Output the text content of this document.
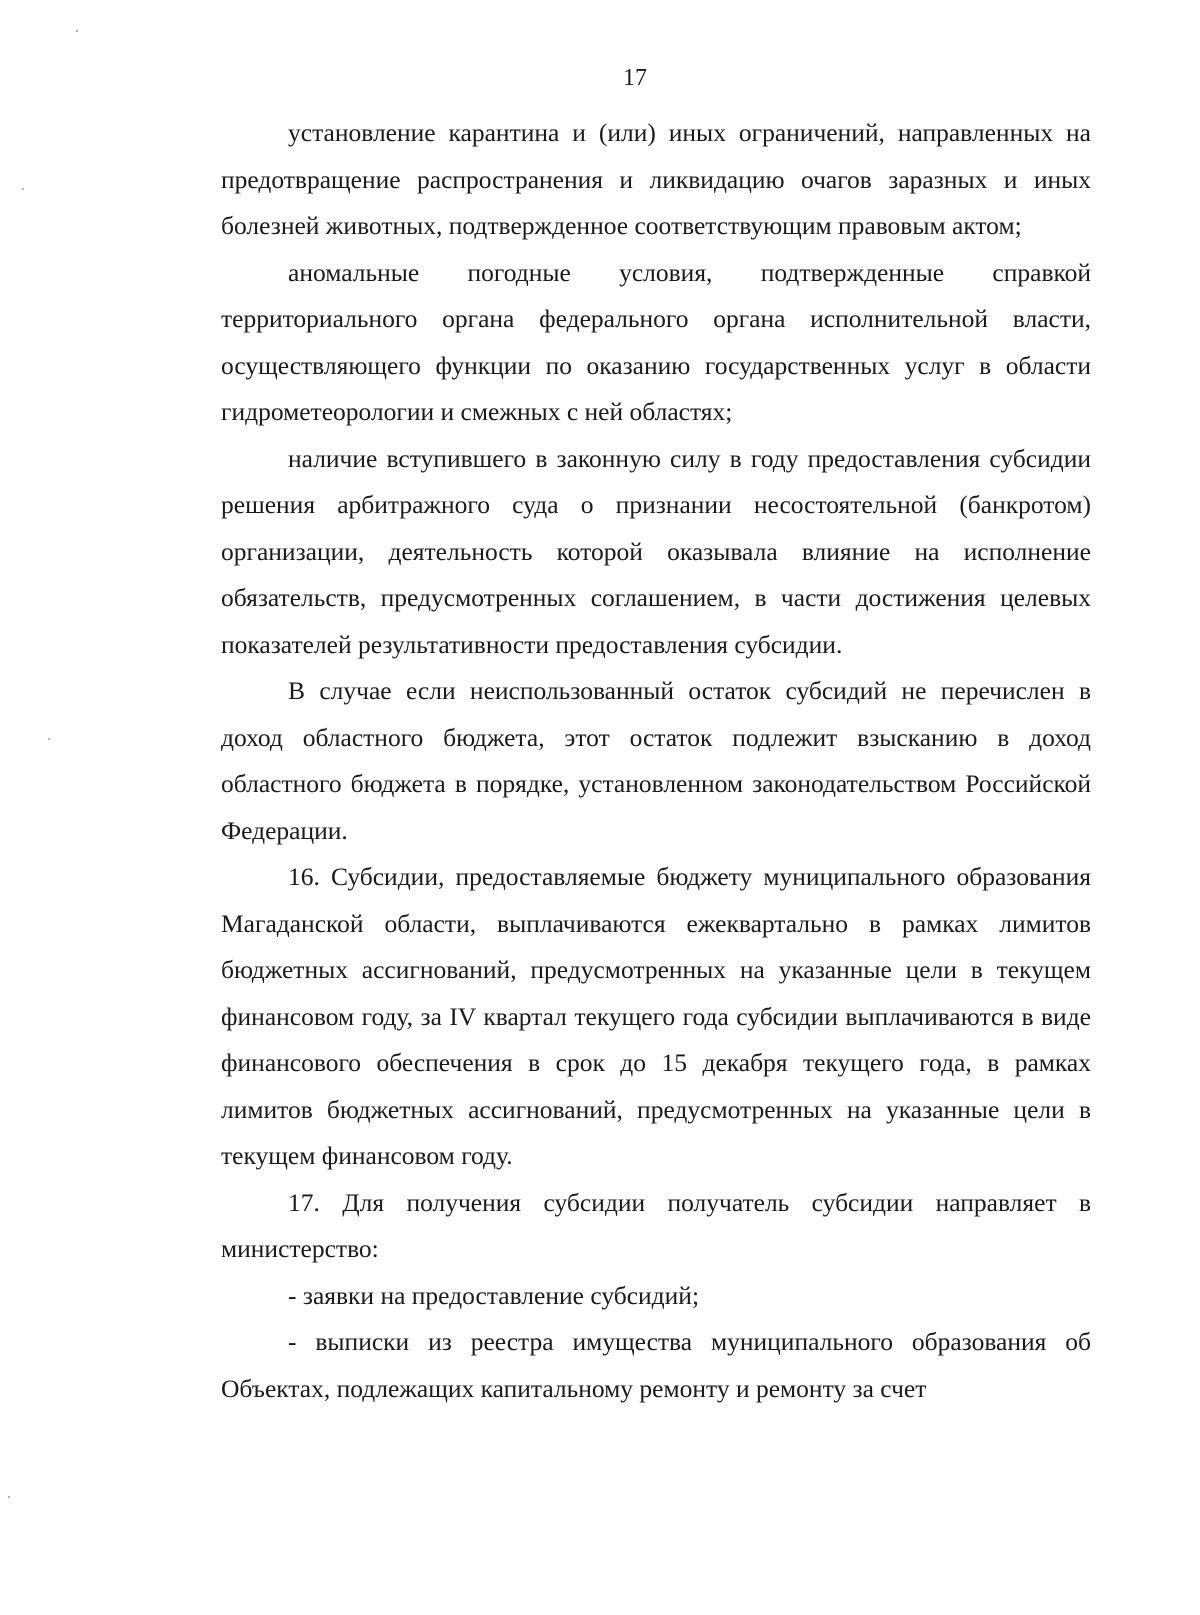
17

установление карантина и (или) иных ограничений, направленных на предотвращение распространения и ликвидацию очагов заразных и иных болезней животных, подтвержденное соответствующим правовым актом;

аномальные погодные условия, подтвержденные справкой территориального органа федерального органа исполнительной власти, осуществляющего функции по оказанию государственных услуг в области гидрометеорологии и смежных с ней областях;

наличие вступившего в законную силу в году предоставления субсидии решения арбитражного суда о признании несостоятельной (банкротом) организации, деятельность которой оказывала влияние на исполнение обязательств, предусмотренных соглашением, в части достижения целевых показателей результативности предоставления субсидии.

В случае если неиспользованный остаток субсидий не перечислен в доход областного бюджета, этот остаток подлежит взысканию в доход областного бюджета в порядке, установленном законодательством Российской Федерации.

16. Субсидии, предоставляемые бюджету муниципального образования Магаданской области, выплачиваются ежеквартально в рамках лимитов бюджетных ассигнований, предусмотренных на указанные цели в текущем финансовом году, за IV квартал текущего года субсидии выплачиваются в виде финансового обеспечения в срок до 15 декабря текущего года, в рамках лимитов бюджетных ассигнований, предусмотренных на указанные цели в текущем финансовом году.

17. Для получения субсидии получатель субсидии направляет в министерство:

- заявки на предоставление субсидий;

- выписки из реестра имущества муниципального образования об Объектах, подлежащих капитальному ремонту и ремонту за счет
